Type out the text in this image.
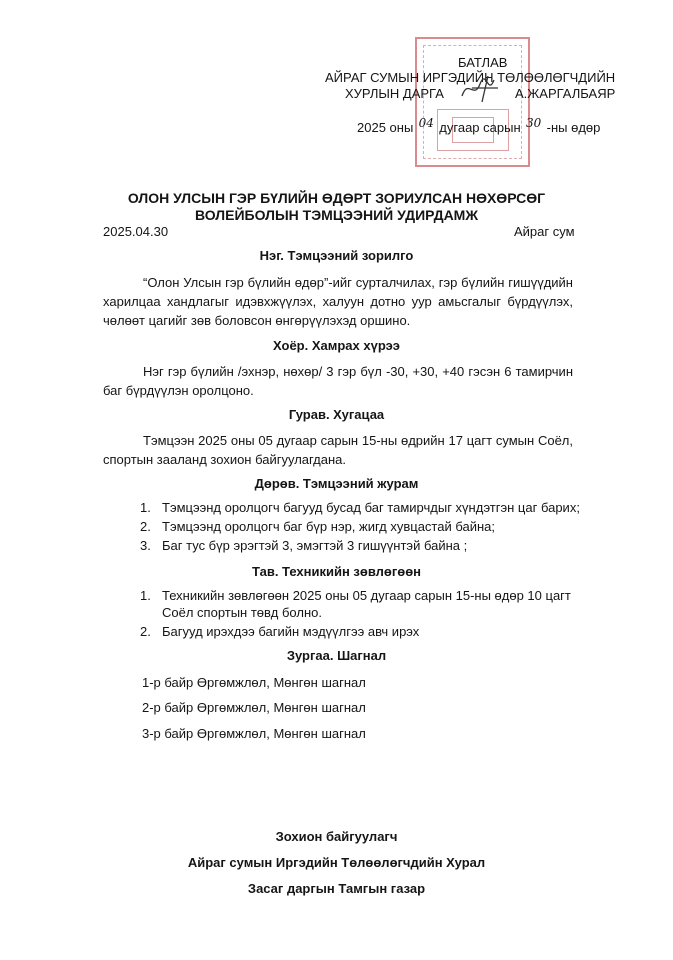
БАТЛАВ
АЙРАГ СУМЫН ИРГЭДИЙН ТӨЛӨӨЛӨГЧДИЙН
ХУРЛЫН ДАРГА	А.ЖАРГАЛБАЯР
2025 оны 04 дугаар сарын 30 -ны өдөр
ОЛОН УЛСЫН ГЭР БҮЛИЙН ӨДӨРТ ЗОРИУЛСАН НӨХӨРСӨГ
ВОЛЕЙБОЛЫН ТЭМЦЭЭНИЙ УДИРДАМЖ
2025.04.30	Айраг сум
Нэг. Тэмцээний зорилго
“Олон Улсын гэр бүлийн өдөр”-ийг сурталчилах, гэр бүлийн гишүүдийн харилцаа хандлагыг идэвхжүүлэх, халуун дотно уур амьсгалыг бүрдүүлэх, чөлөөт цагийг зөв боловсон өнгөрүүлэхэд оршино.
Хоёр. Хамрах хүрээ
Нэг гэр бүлийн /эхнэр, нөхөр/ 3 гэр бүл -30, +30, +40 гэсэн 6 тамирчин баг бүрдүүлэн оролцоно.
Гурав. Хугацаа
Тэмцээн 2025 оны 05 дугаар сарын 15-ны өдрийн 17 цагт сумын Соёл, спортын зааланд зохион байгуулагдана.
Дөрөв. Тэмцээний журам
1. Тэмцээнд оролцогч багууд бусад баг тамирчдыг хүндэтгэн цаг барих;
2. Тэмцээнд оролцогч баг бүр нэр, жигд хувцастай байна;
3. Баг тус бүр эрэгтэй 3, эмэгтэй 3 гишүүнтэй байна ;
Тав. Техникийн зөвлөгөөн
1. Техникийн зөвлөгөөн 2025 оны 05 дугаар сарын 15-ны өдөр 10 цагт Соёл спортын төвд болно.
2. Багууд ирэхдээ багийн мэдүүлгээ авч ирэх
Зургаа. Шагнал
1-р байр Өргөмжлөл, Мөнгөн шагнал
2-р байр Өргөмжлөл, Мөнгөн шагнал
3-р байр Өргөмжлөл, Мөнгөн шагнал
Зохион байгуулагч
Айраг сумын Иргэдийн Төлөөлөгчдийн Хурал
Засаг даргын Тамгын газар
